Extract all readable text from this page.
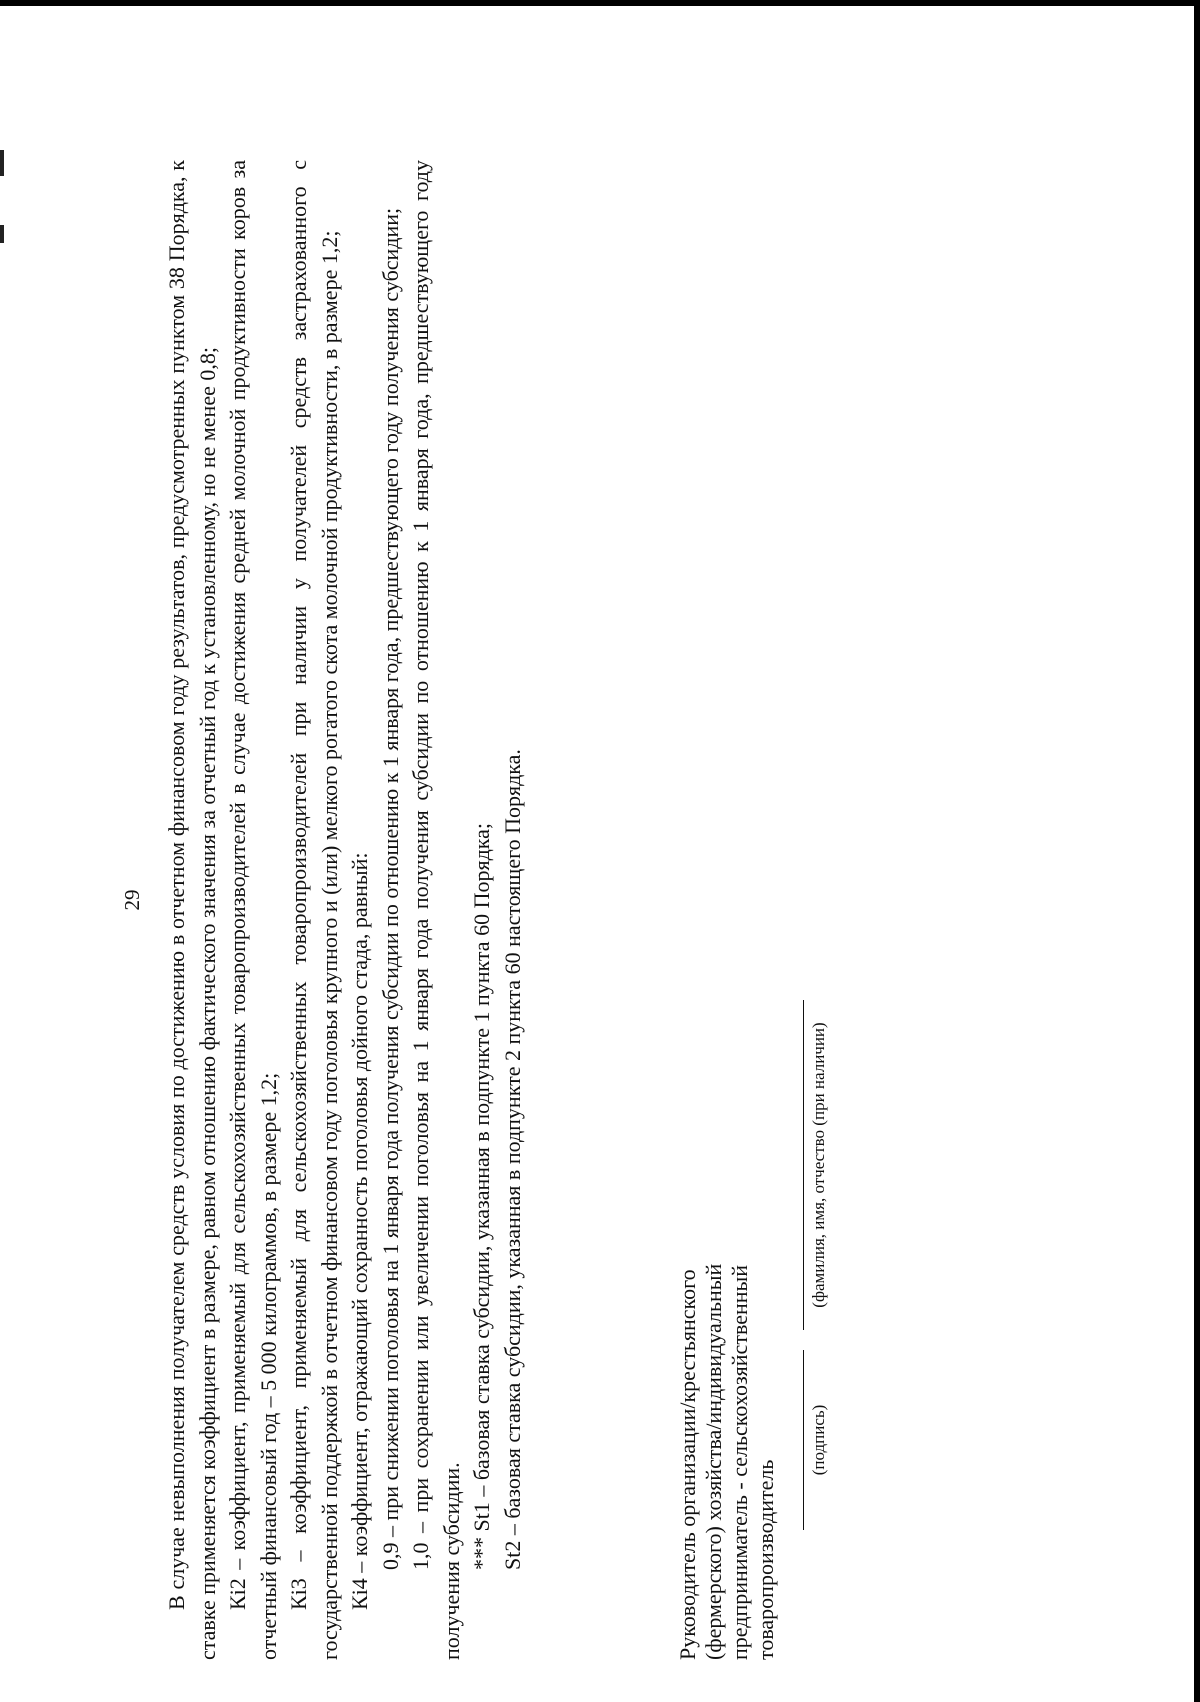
29 В случае невыполнения получателем средств условия по достижению в отчетном финансовом году результатов, предусмотренных пунктом 38 Порядка, к ставке применяется коэффициент в размере, равном отношению фактического значения за отчетный год к установленному, но не менее 0,8; Кi2 – коэффициент, применяемый для сельскохозяйственных товаропроизводителей в случае достижения средней молочной продуктивности коров за отчетный финансовый год – 5 000 килограммов, в размере 1,2; Кi3 – коэффициент, применяемый для сельскохозяйственных товаропроизводителей при наличии у получателей средств застрахованного с государственной поддержкой в отчетном финансовом году поголовья крупного и (или) мелкого рогатого скота молочной продуктивности, в размере 1,2; Кi4 – коэффициент, отражающий сохранность поголовья дойного стада, равный: 0,9 – при снижении поголовья на 1 января года получения субсидии по отношению к 1 января года, предшествующего году получения субсидии; 1,0 – при сохранении или увеличении поголовья на 1 января года получения субсидии по отношению к 1 января года, предшествующего году получения субсидии. *** St1 – базовая ставка субсидии, указанная в подпункте 1 пункта 60 Порядка; St2 – базовая ставка субсидии, указанная в подпункте 2 пункта 60 настоящего Порядка.	Руководитель организации/крестьянского (фермерского) хозяйства/индивидуальный предприниматель - сельскохозяйственный товаропроизводитель
(подпись)
(фамилия, имя, отчество (при наличии)
